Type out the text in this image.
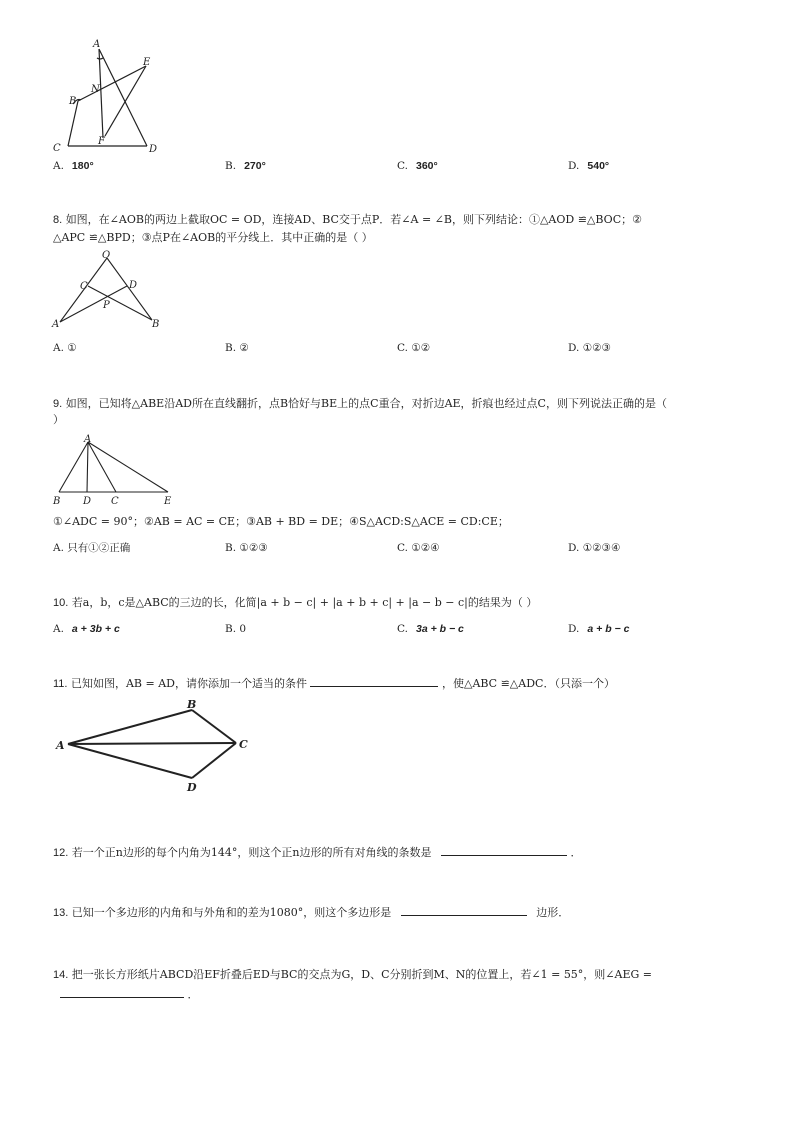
A
E
N
B
F
C	D
A. 180°	B. 270°	C. 360°	D. 540°
8. 如图，在∠AOB的两边上截取OC = OD，连接AD、BC交于点P．若∠A = ∠B，则下列结论：①△AOD ≌△BOC；②
△APC ≌△BPD；③点P在∠AOB的平分线上．其中正确的是（ ）
O
C	D
P
A	B
A. ①	B. ②	C. ①②	D. ①②③
9. 如图，已知将△ABE沿AD所在直线翻折，点B恰好与BE上的点C重合，对折边AE，折痕也经过点C，则下列说法正确的是（
）
A
B D C	E
①∠ADC = 90°；②AB = AC = CE；③AB + BD = DE；④S△ACD:S△ACE = CD:CE；
A. 只有①②正确	B. ①②③	C. ①②④	D. ①②③④
10. 若a，b，c是△ABC的三边的长，化简|a + b − c| + |a + b + c| + |a − b − c|的结果为（ ）
A. a + 3b + c	B. 0	C. 3a + b − c	D. a + b − c
11. 已知如图，AB = AD，请你添加一个适当的条件	，使△ABC ≌△ADC．（只添一个）
B
A	C
D
12. 若一个正n边形的每个内角为144°，则这个正n边形的所有对角线的条数是	．
13. 已知一个多边形的内角和与外角和的差为1080°，则这个多边形是	边形．
14. 把一张长方形纸片ABCD沿EF折叠后ED与BC的交点为G，D、C分别折到M、N的位置上，若∠1 = 55°，则∠AEG =
．
